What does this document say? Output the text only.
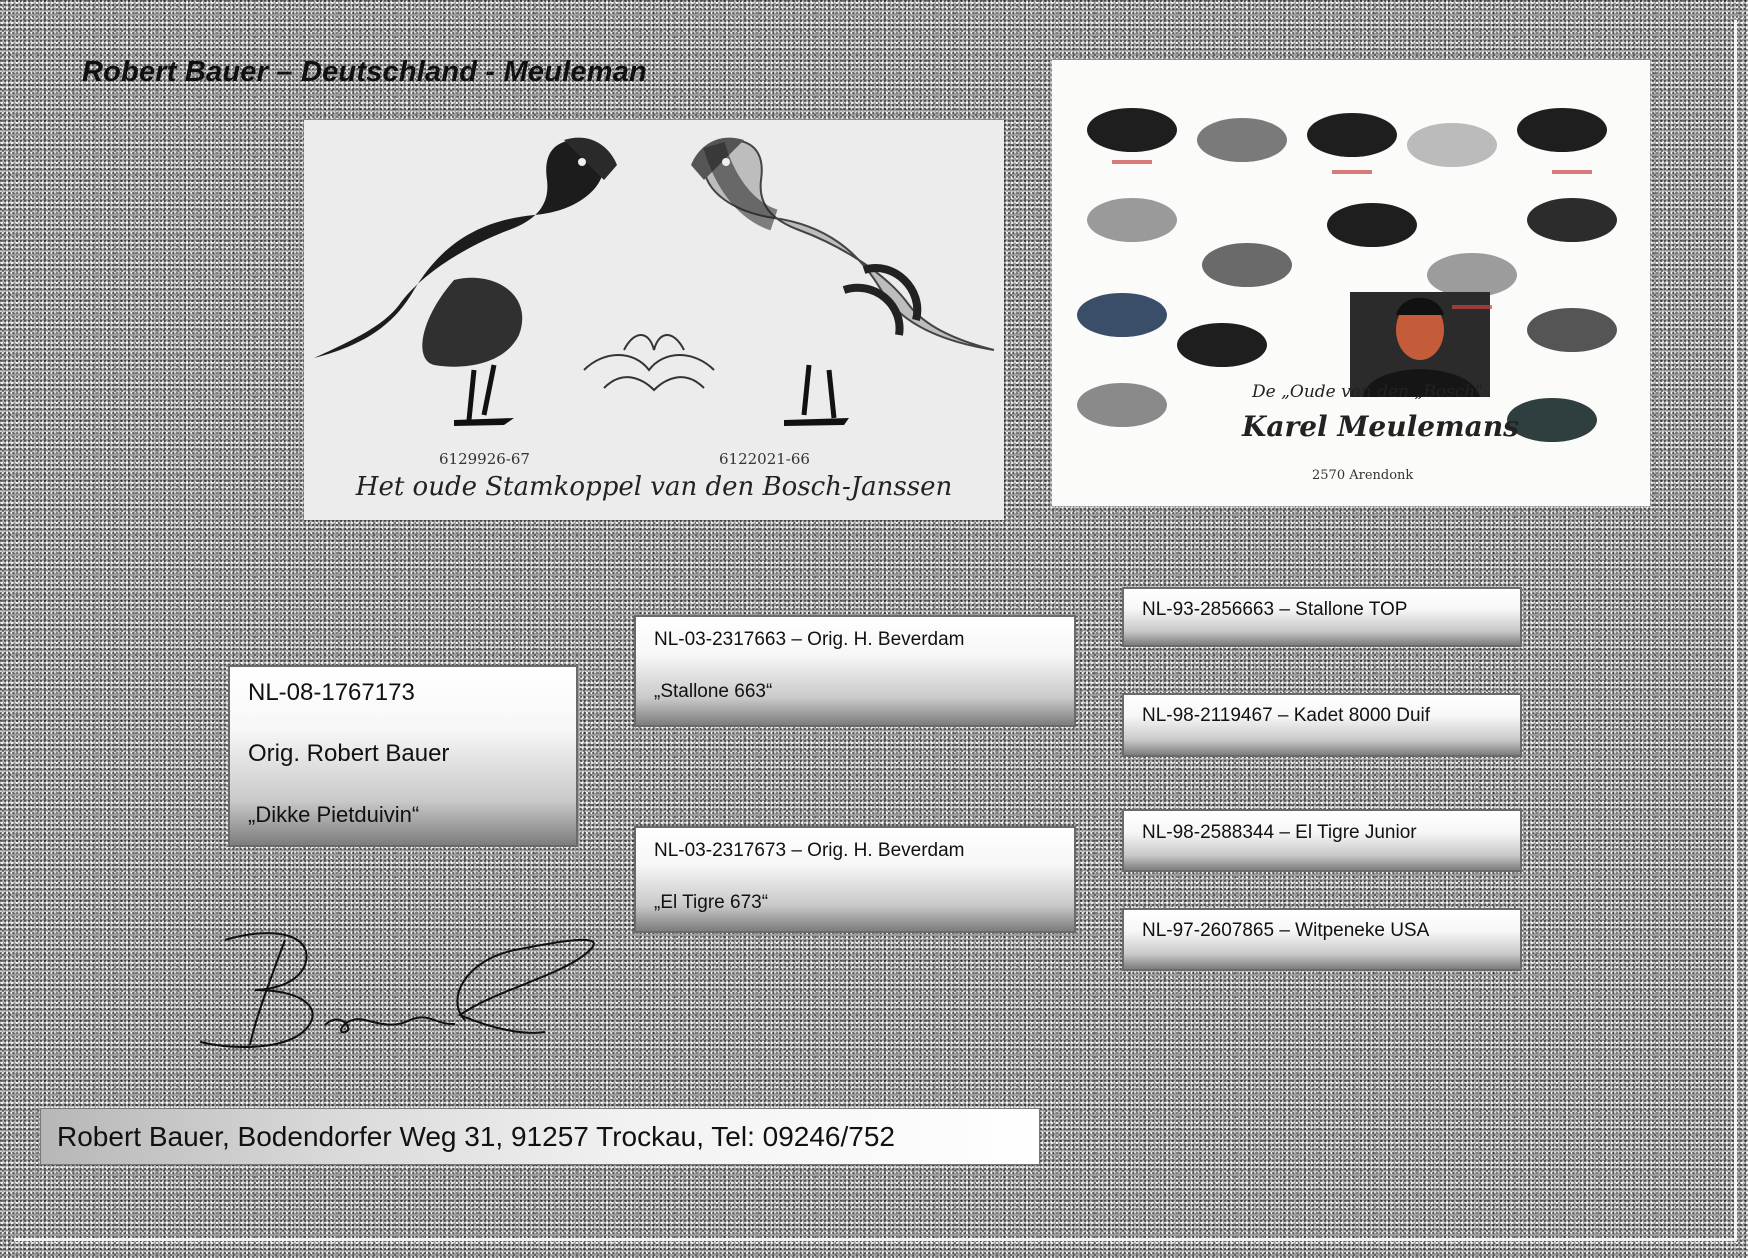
Robert Bauer – Deutschland - Meuleman
6129926-67	6122021-66
Het oude Stamkoppel van den Bosch-Janssen
De „Oude van den „Bosch"
Karel Meulemans
2570 Arendonk
NL-08-1767173
Orig. Robert Bauer
„Dikke Pietduivin“
NL-03-2317663 – Orig. H. Beverdam
„Stallone 663“
NL-03-2317673 – Orig. H. Beverdam
„El Tigre 673“
NL-93-2856663 – Stallone TOP
NL-98-2119467 – Kadet 8000 Duif
NL-98-2588344 – El Tigre Junior
NL-97-2607865 – Witpeneke USA
Robert Bauer, Bodendorfer Weg 31, 91257 Trockau, Tel: 09246/752
